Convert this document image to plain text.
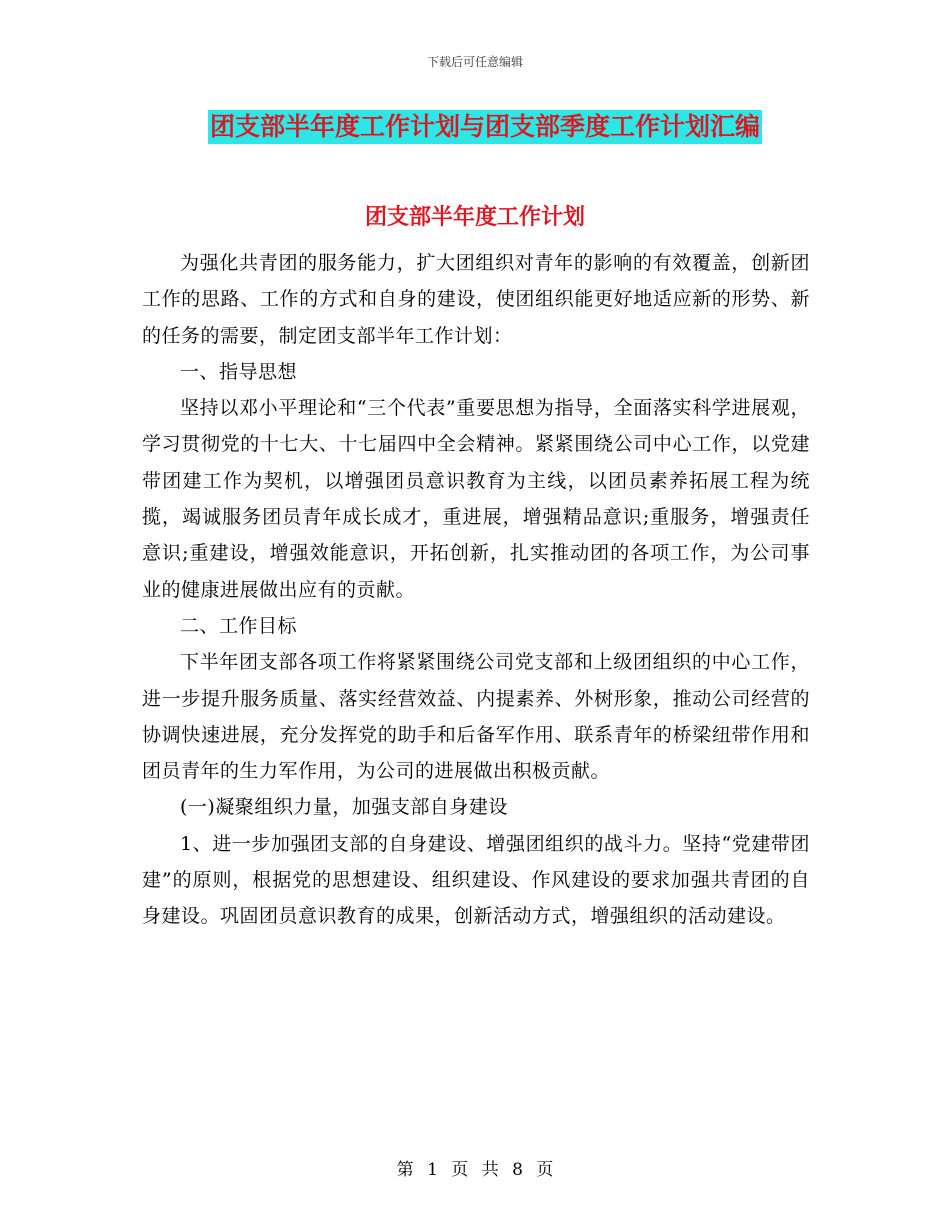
下载后可任意编辑
团支部半年度工作计划与团支部季度工作计划汇编
团支部半年度工作计划

为强化共青团的服务能力，扩大团组织对青年的影响的有效覆盖，创新团工作的思路、工作的方式和自身的建设，使团组织能更好地适应新的形势、新的任务的需要，制定团支部半年工作计划：

一、指导思想

坚持以邓小平理论和“三个代表”重要思想为指导，全面落实科学进展观，学习贯彻党的十七大、十七届四中全会精神。紧紧围绕公司中心工作，以党建带团建工作为契机，以增强团员意识教育为主线，以团员素养拓展工程为统揽，竭诚服务团员青年成长成才，重进展，增强精品意识;重服务，增强责任意识;重建设，增强效能意识，开拓创新，扎实推动团的各项工作，为公司事业的健康进展做出应有的贡献。

二、工作目标

下半年团支部各项工作将紧紧围绕公司党支部和上级团组织的中心工作，进一步提升服务质量、落实经营效益、内提素养、外树形象，推动公司经营的协调快速进展，充分发挥党的助手和后备军作用、联系青年的桥梁纽带作用和团员青年的生力军作用，为公司的进展做出积极贡献。

(一)凝聚组织力量，加强支部自身建设

1、进一步加强团支部的自身建设、增强团组织的战斗力。坚持“党建带团建”的原则，根据党的思想建设、组织建设、作风建设的要求加强共青团的自身建设。巩固团员意识教育的成果，创新活动方式，增强组织的活动建设。

第 1 页 共 8 页
